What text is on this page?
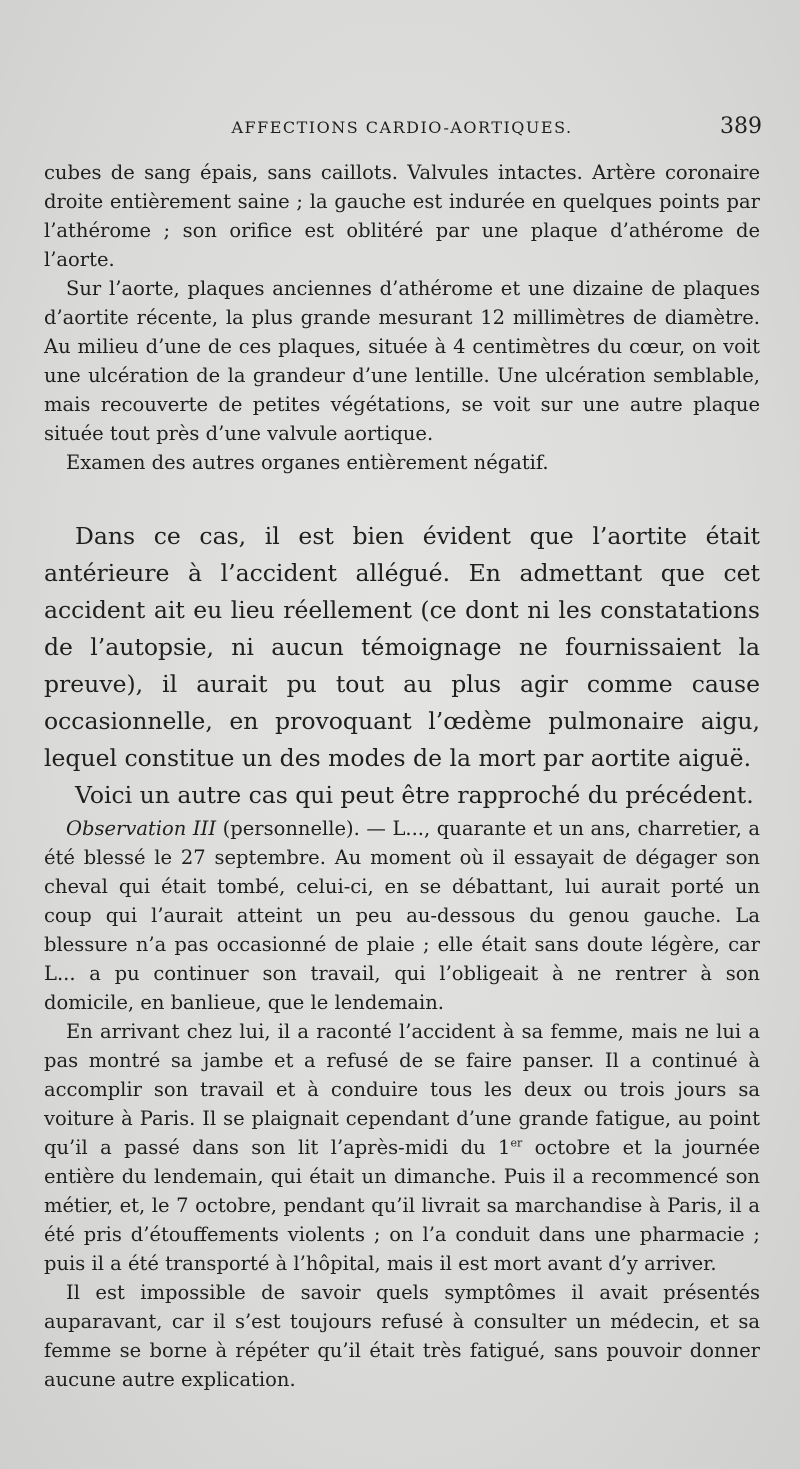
AFFECTIONS CARDIO-AORTIQUES.	389

cubes de sang épais, sans caillots. Valvules intactes. Artère coronaire droite entièrement saine ; la gauche est indurée en quelques points par l’athérome ; son orifice est oblitéré par une plaque d’athérome de l’aorte.

Sur l’aorte, plaques anciennes d’athérome et une dizaine de plaques d’aortite récente, la plus grande mesurant 12 millimètres de diamètre. Au milieu d’une de ces plaques, située à 4 centimètres du cœur, on voit une ulcération de la grandeur d’une lentille. Une ulcération semblable, mais recouverte de petites végétations, se voit sur une autre plaque située tout près d’une valvule aortique.

Examen des autres organes entièrement négatif.

Dans ce cas, il est bien évident que l’aortite était antérieure à l’accident allégué. En admettant que cet accident ait eu lieu réellement (ce dont ni les constatations de l’autopsie, ni aucun témoignage ne fournissaient la preuve), il aurait pu tout au plus agir comme cause occasionnelle, en provoquant l’œdème pulmonaire aigu, lequel constitue un des modes de la mort par aortite aiguë.

Voici un autre cas qui peut être rapproché du précédent.

Observation III (personnelle). — L..., quarante et un ans, charretier, a été blessé le 27 septembre. Au moment où il essayait de dégager son cheval qui était tombé, celui-ci, en se débattant, lui aurait porté un coup qui l’aurait atteint un peu au-dessous du genou gauche. La blessure n’a pas occasionné de plaie ; elle était sans doute légère, car L... a pu continuer son travail, qui l’obligeait à ne rentrer à son domicile, en banlieue, que le lendemain.

En arrivant chez lui, il a raconté l’accident à sa femme, mais ne lui a pas montré sa jambe et a refusé de se faire panser. Il a continué à accomplir son travail et à conduire tous les deux ou trois jours sa voiture à Paris. Il se plaignait cependant d’une grande fatigue, au point qu’il a passé dans son lit l’après-midi du 1er octobre et la journée entière du lendemain, qui était un dimanche. Puis il a recommencé son métier, et, le 7 octobre, pendant qu’il livrait sa marchandise à Paris, il a été pris d’étouffements violents ; on l’a conduit dans une pharmacie ; puis il a été transporté à l’hôpital, mais il est mort avant d’y arriver.

Il est impossible de savoir quels symptômes il avait présentés auparavant, car il s’est toujours refusé à consulter un médecin, et sa femme se borne à répéter qu’il était très fatigué, sans pouvoir donner aucune autre explication.
